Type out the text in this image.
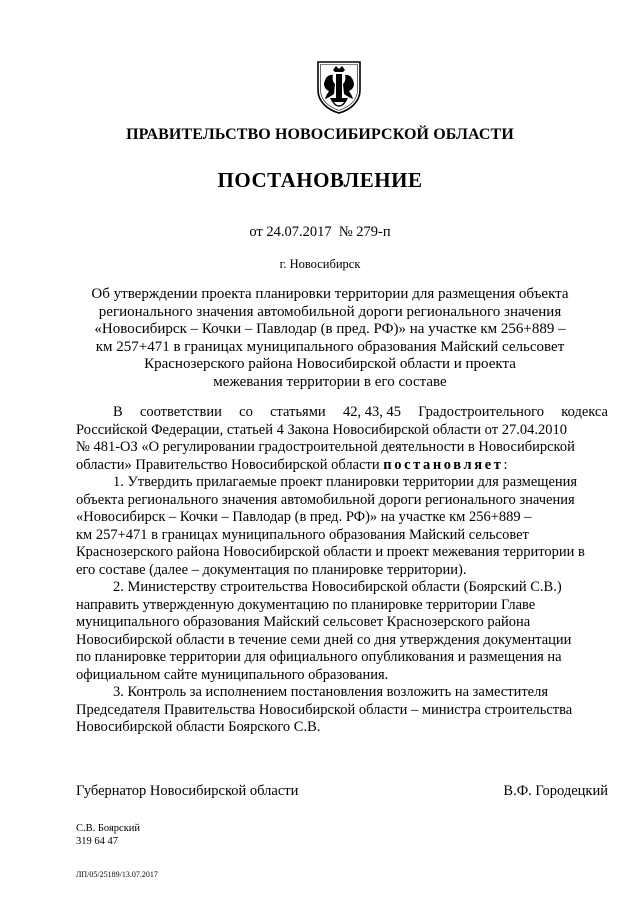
ПРАВИТЕЛЬСТВО НОВОСИБИРСКОЙ ОБЛАСТИ
ПОСТАНОВЛЕНИЕ
от 24.07.2017  № 279-п
г. Новосибирск
Об утверждении проекта планировки территории для размещения объекта
регионального значения автомобильной дороги регионального значения
«Новосибирск – Кочки – Павлодар (в пред. РФ)» на участке км 256+889 –
км 257+471 в границах муниципального образования Майский сельсовет
Краснозерского района Новосибирской области и проекта
межевания территории в его составе
В соответствии со статьями 42, 43, 45 Градостроительного кодекса
Российской Федерации, статьей 4 Закона Новосибирской области от 27.04.2010
№ 481-ОЗ «О регулировании градостроительной деятельности в Новосибирской
области» Правительство Новосибирской области постановляет:
1. Утвердить прилагаемые проект планировки территории для размещения
объекта регионального значения автомобильной дороги регионального значения
«Новосибирск – Кочки – Павлодар (в пред. РФ)» на участке км 256+889 –
км 257+471 в границах муниципального образования Майский сельсовет
Краснозерского района Новосибирской области и проект межевания территории в
его составе (далее – документация по планировке территории).
2. Министерству строительства Новосибирской области (Боярский С.В.)
направить утвержденную документацию по планировке территории Главе
муниципального образования Майский сельсовет Краснозерского района
Новосибирской области в течение семи дней со дня утверждения документации
по планировке территории для официального опубликования и размещения на
официальном сайте муниципального образования.
3. Контроль за исполнением постановления возложить на заместителя
Председателя Правительства Новосибирской области – министра строительства
Новосибирской области Боярского С.В.
Губернатор Новосибирской области	В.Ф. Городецкий
С.В. Боярский
319 64 47
ЛП/05/25189/13.07.2017
